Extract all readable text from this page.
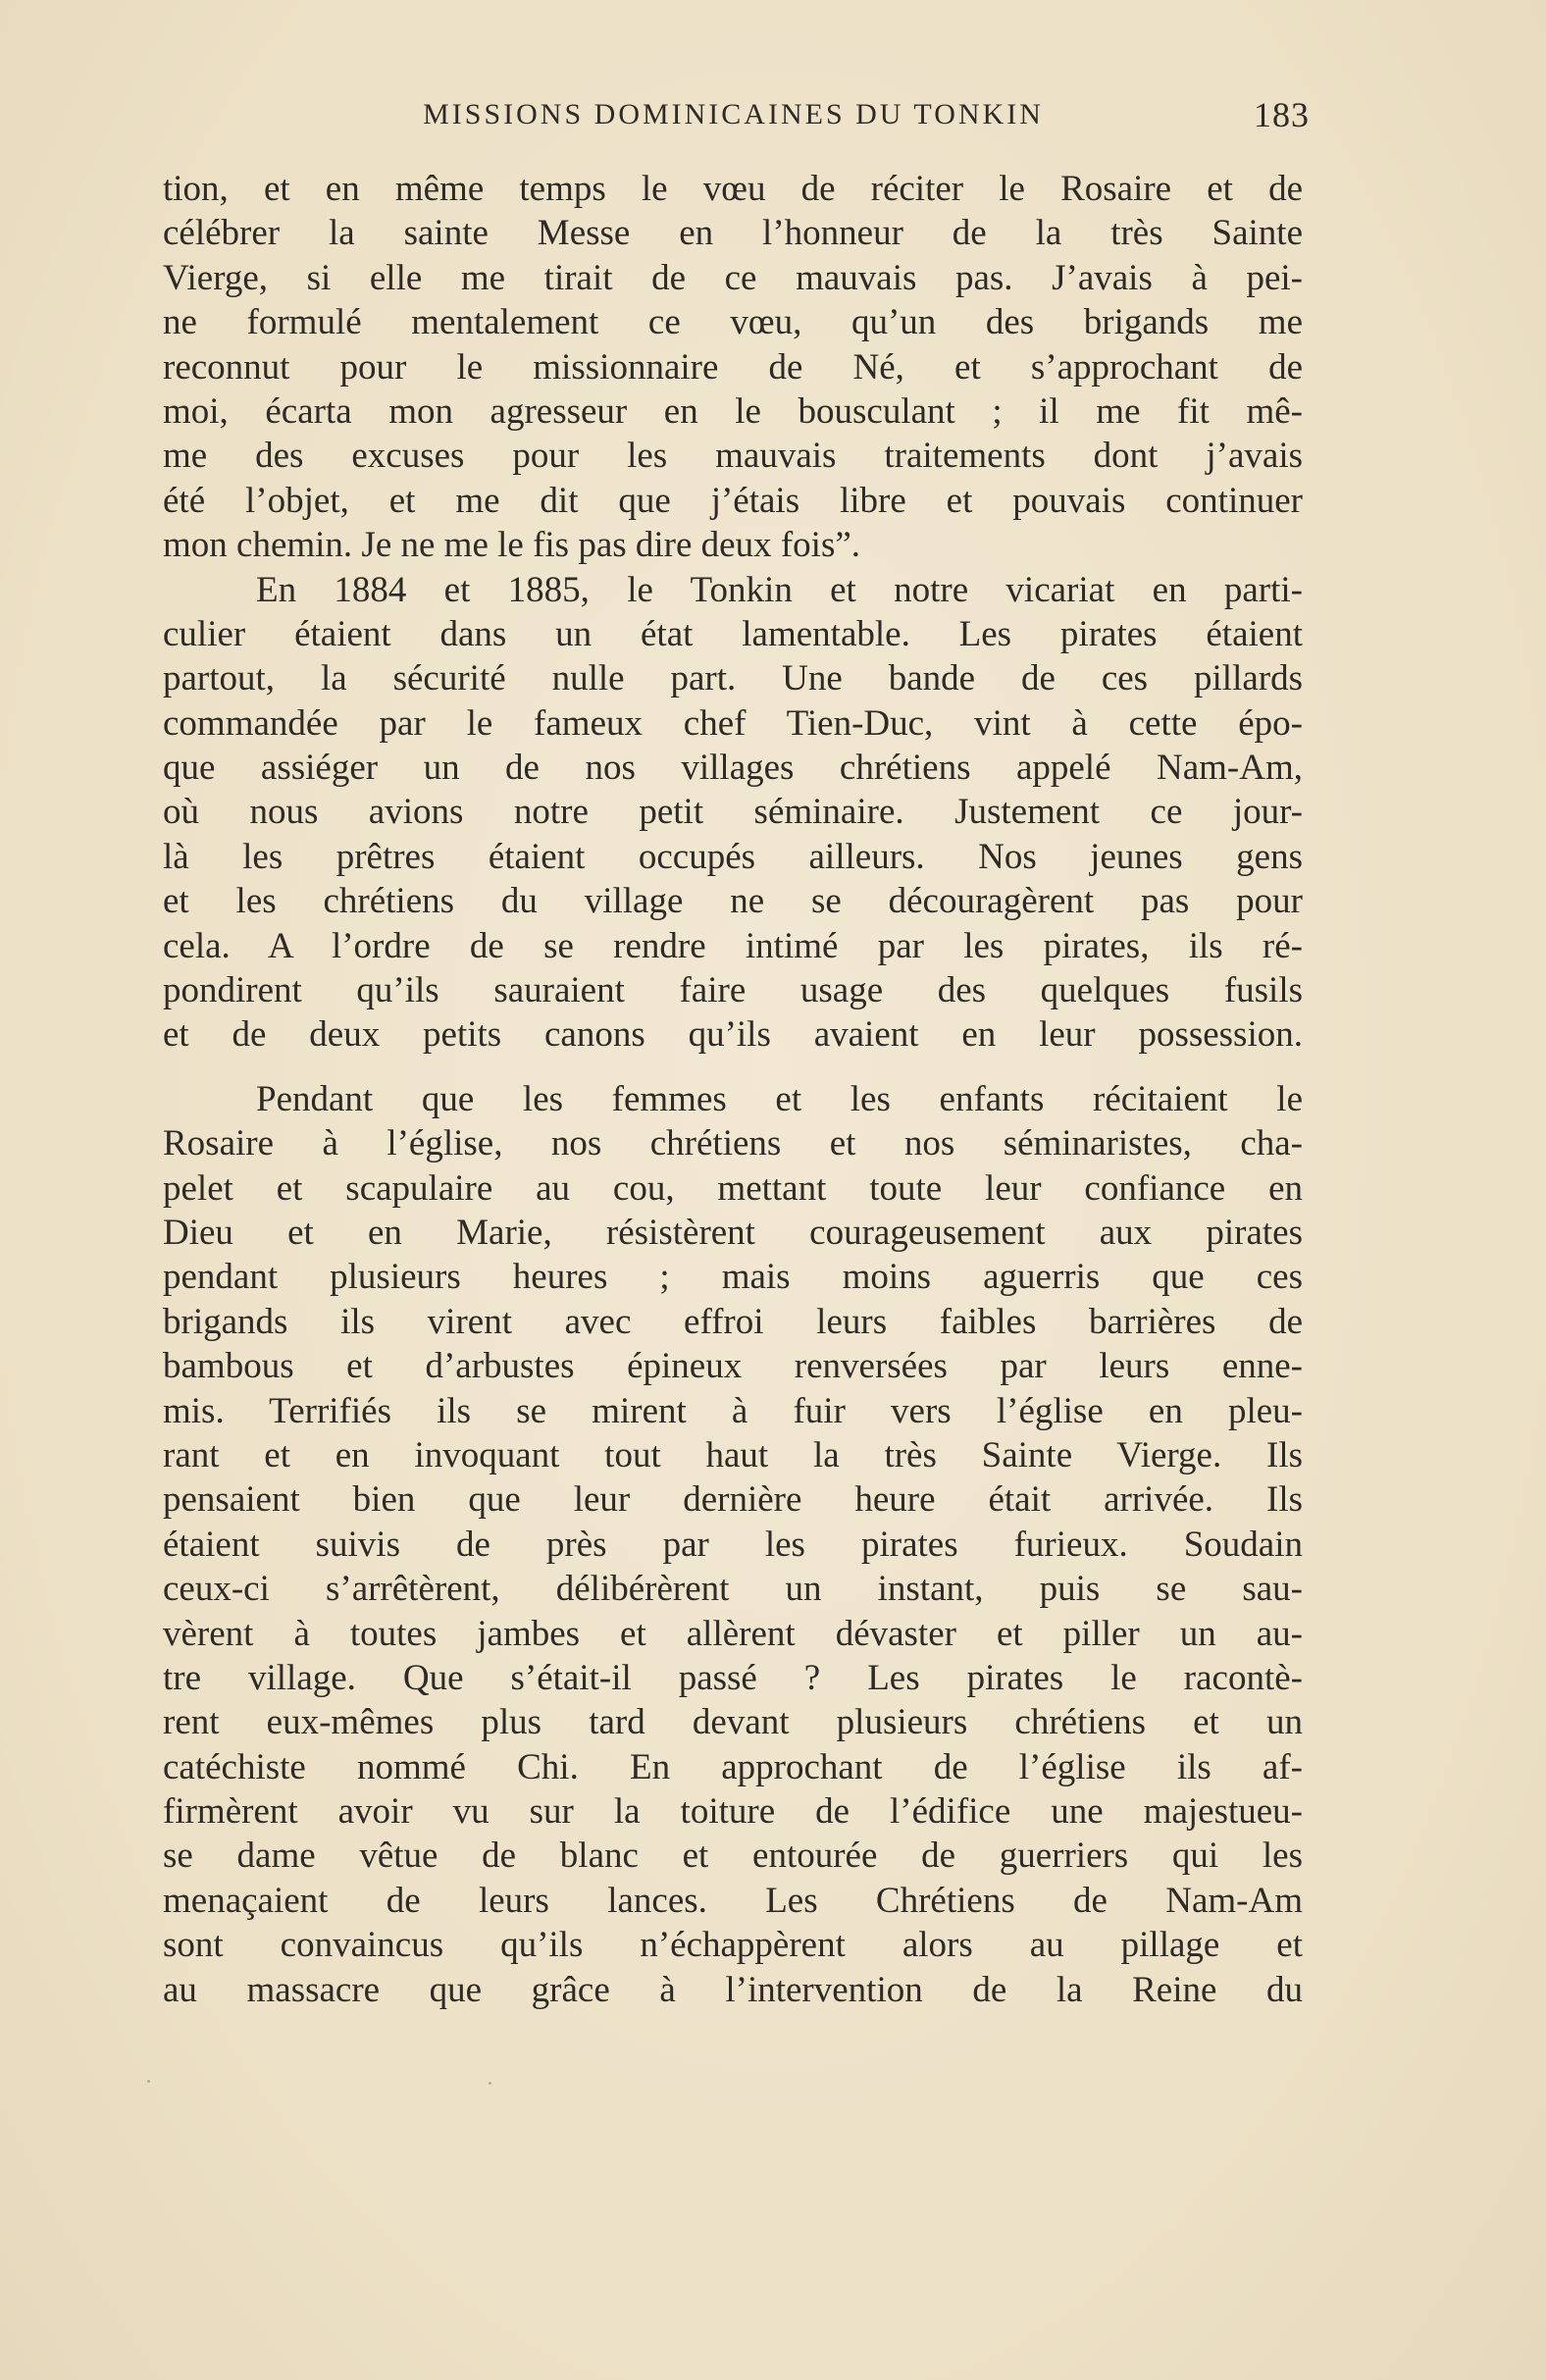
MISSIONS DOMINICAINES DU TONKIN	183
tion, et en même temps le vœu de réciter le Rosaire et de
célébrer la sainte Messe en l’honneur de la très Sainte
Vierge, si elle me tirait de ce mauvais pas. J’avais à pei-
ne formulé mentalement ce vœu, qu’un des brigands me
reconnut pour le missionnaire de Né, et s’approchant de
moi, écarta mon agresseur en le bousculant ; il me fit mê-
me des excuses pour les mauvais traitements dont j’avais
été l’objet, et me dit que j’étais libre et pouvais continuer
mon chemin. Je ne me le fis pas dire deux fois”.
En 1884 et 1885, le Tonkin et notre vicariat en parti-
culier étaient dans un état lamentable. Les pirates étaient
partout, la sécurité nulle part. Une bande de ces pillards
commandée par le fameux chef Tien-Duc, vint à cette épo-
que assiéger un de nos villages chrétiens appelé Nam-Am,
où nous avions notre petit séminaire. Justement ce jour-
là les prêtres étaient occupés ailleurs. Nos jeunes gens
et les chrétiens du village ne se découragèrent pas pour
cela. A l’ordre de se rendre intimé par les pirates, ils ré-
pondirent qu’ils sauraient faire usage des quelques fusils
et de deux petits canons qu’ils avaient en leur possession.
Pendant que les femmes et les enfants récitaient le
Rosaire à l’église, nos chrétiens et nos séminaristes, cha-
pelet et scapulaire au cou, mettant toute leur confiance en
Dieu et en Marie, résistèrent courageusement aux pirates
pendant plusieurs heures ; mais moins aguerris que ces
brigands ils virent avec effroi leurs faibles barrières de
bambous et d’arbustes épineux renversées par leurs enne-
mis. Terrifiés ils se mirent à fuir vers l’église en pleu-
rant et en invoquant tout haut la très Sainte Vierge. Ils
pensaient bien que leur dernière heure était arrivée. Ils
étaient suivis de près par les pirates furieux. Soudain
ceux-ci s’arrêtèrent, délibérèrent un instant, puis se sau-
vèrent à toutes jambes et allèrent dévaster et piller un au-
tre village. Que s’était-il passé ? Les pirates le racontè-
rent eux-mêmes plus tard devant plusieurs chrétiens et un
catéchiste nommé Chi. En approchant de l’église ils af-
firmèrent avoir vu sur la toiture de l’édifice une majestueu-
se dame vêtue de blanc et entourée de guerriers qui les
menaçaient de leurs lances. Les Chrétiens de Nam-Am
sont convaincus qu’ils n’échappèrent alors au pillage et
au massacre que grâce à l’intervention de la Reine du
